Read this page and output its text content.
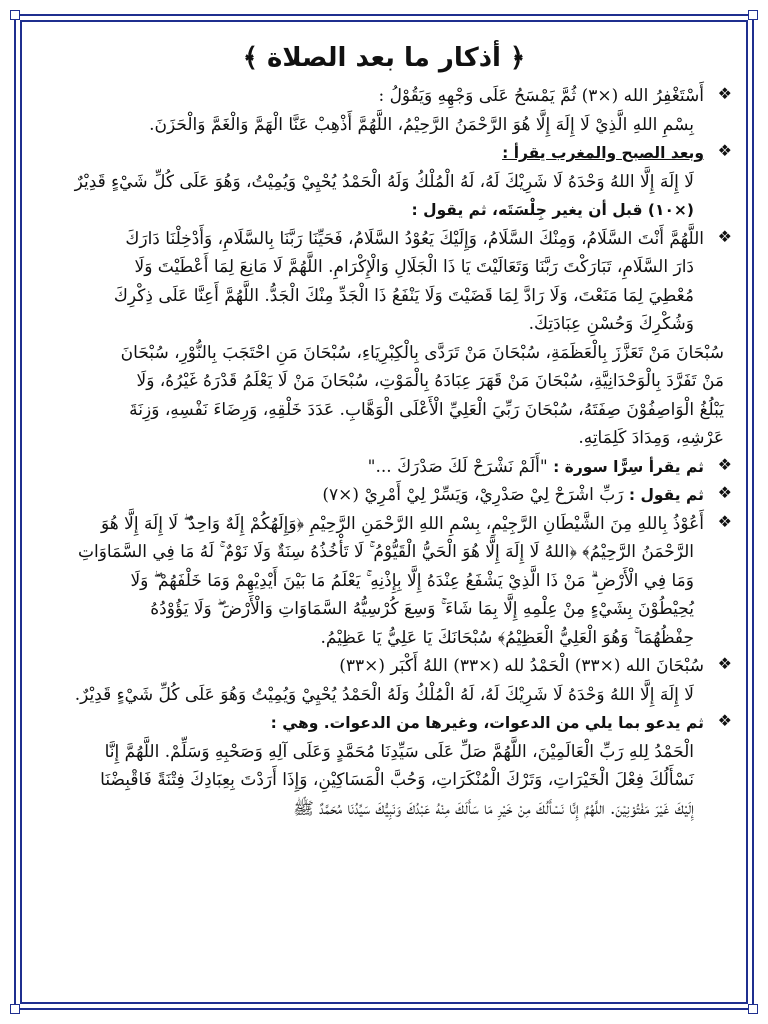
﴿ أذكار ما بعد الصلاة ﴾
❖

أَسْتَغْفِرُ الله (×٣) ثُمَّ يَمْسَحُ عَلَى وَجْهِهِ وَيَقُوْلُ :

بِسْمِ اللهِ الَّذِيْ لَا إِلَهَ إِلَّا هُوَ الرَّحْمَنُ الرَّحِيْمُ، اللَّهُمَّ أَذْهِبْ عَنَّا الْهَمَّ وَالْغَمَّ وَالْحَزَنَ.

❖

وبعد الصبح والمغرب يقرأ :

لَا إِلَهَ إِلَّا اللهُ وَحْدَهُ لَا شَرِيْكَ لَهُ، لَهُ الْمُلْكُ وَلَهُ الْحَمْدُ يُحْيِيْ وَيُمِيْتُ، وَهُوَ عَلَى كُلِّ شَيْءٍ قَدِيْرٌ

(×١٠) قبل أن يغير جِلْسَتَه، ثم يقول :

❖

اللَّهُمَّ أَنْتَ السَّلَامُ، وَمِنْكَ السَّلَامُ، وَإِلَيْكَ يَعُوْدُ السَّلَامُ، فَحَيِّنَا رَبَّنَا بِالسَّلَامِ، وَأَدْخِلْنَا دَارَكَ

دَارَ السَّلَامِ، تَبَارَكْتَ رَبَّنَا وَتَعَالَيْتَ يَا ذَا الْجَلَالِ وَالْإِكْرَامِ. اللَّهُمَّ لَا مَانِعَ لِمَا أَعْطَيْتَ وَلَا

مُعْطِيَ لِمَا مَنَعْتَ، وَلَا رَادَّ لِمَا قَضَيْتَ وَلَا يَنْفَعُ ذَا الْجَدِّ مِنْكَ الْجَدُّ. اللَّهُمَّ أَعِنَّا عَلَى ذِكْرِكَ

وَشُكْرِكَ وَحُسْنِ عِبَادَتِكَ.

سُبْحَانَ مَنْ تَعَزَّزَ بِالْعَظَمَةِ، سُبْحَانَ مَنْ تَرَدَّى بِالْكِبْرِيَاءِ، سُبْحَانَ مَنِ احْتَجَبَ بِالنُّوْرِ، سُبْحَانَ

مَنْ تَفَرَّدَ بِالْوَحْدَانِيَّةِ، سُبْحَانَ مَنْ قَهَرَ عِبَادَهُ بِالْمَوْتِ، سُبْحَانَ مَنْ لَا يَعْلَمُ قَدْرَهُ غَيْرُهُ، وَلَا

يَبْلُغُ الْوَاصِفُوْنَ صِفَتَهُ، سُبْحَانَ رَبِّيَ الْعَلِيِّ الْأَعْلَى الْوَهَّابِ. عَدَدَ خَلْقِهِ، وَرِضَاءَ نَفْسِهِ، وَزِنَةَ

عَرْشِهِ، وَمِدَادَ كَلِمَاتِهِ.

❖

ثم يقرأ سِرًّا سورة : "أَلَمْ نَشْرَحْ لَكَ صَدْرَكَ ..."

❖

ثم يقول : رَبِّ اشْرَحْ لِيْ صَدْرِيْ، وَيَسِّرْ لِيْ أَمْرِيْ (×٧)

❖

أَعُوْذُ بِاللهِ مِنَ الشَّيْطَانِ الرَّجِيْمِ، بِسْمِ اللهِ الرَّحْمَنِ الرَّحِيْمِ ﴿وَإِلَهُكُمْ إِلَهٌ وَاحِدٌ ۖ لَا إِلَهَ إِلَّا هُوَ

الرَّحْمَنُ الرَّحِيْمُ﴾ ﴿اللهُ لَا إِلَهَ إِلَّا هُوَ الْحَيُّ الْقَيُّوْمُ ۚ لَا تَأْخُذُهُ سِنَةٌ وَلَا نَوْمٌ ۚ لَهُ مَا فِي السَّمَاوَاتِ

وَمَا فِي الْأَرْضِ ۗ مَنْ ذَا الَّذِيْ يَشْفَعُ عِنْدَهُ إِلَّا بِإِذْنِهِ ۚ يَعْلَمُ مَا بَيْنَ أَيْدِيْهِمْ وَمَا خَلْفَهُمْ ۖ وَلَا

يُحِيْطُوْنَ بِشَيْءٍ مِنْ عِلْمِهِ إِلَّا بِمَا شَاءَ ۚ وَسِعَ كُرْسِيُّهُ السَّمَاوَاتِ وَالْأَرْضَ ۖ وَلَا يَؤُوْدُهُ

حِفْظُهُمَا ۚ وَهُوَ الْعَلِيُّ الْعَظِيْمُ﴾ سُبْحَانَكَ يَا عَلِيُّ يَا عَظِيْمُ.

❖

سُبْحَانَ الله (×٣٣) الْحَمْدُ لله (×٣٣) اللهُ أَكْبَر (×٣٣)

لَا إِلَهَ إِلَّا اللهُ وَحْدَهُ لَا شَرِيْكَ لَهُ، لَهُ الْمُلْكُ وَلَهُ الْحَمْدُ يُحْيِيْ وَيُمِيْتُ وَهُوَ عَلَى كُلِّ شَيْءٍ قَدِيْرٌ.

❖

ثم يدعو بما يلي من الدعوات، وغيرها من الدعوات. وهي :

الْحَمْدُ لِلهِ رَبِّ الْعَالَمِيْنَ، اللَّهُمَّ صَلِّ عَلَى سَيِّدِنَا مُحَمَّدٍ وَعَلَى آلِهِ وَصَحْبِهِ وَسَلِّمْ. اللَّهُمَّ إِنَّا

نَسْأَلُكَ فِعْلَ الْخَيْرَاتِ، وَتَرْكَ الْمُنْكَرَاتِ، وَحُبَّ الْمَسَاكِيْنِ، وَإِذَا أَرَدْتَ بِعِبَادِكَ فِتْنَةً فَاقْبِضْنَا

إِلَيْكَ غَيْرَ مَفْتُوْنِيْنَ. اللَّهُمَّ إِنَّا نَسْأَلُكَ مِنْ خَيْرِ مَا سَأَلَكَ مِنْهُ عَبْدُكَ وَنَبِيُّكَ سَيِّدُنَا مُحَمَّدٌ ﷺ
